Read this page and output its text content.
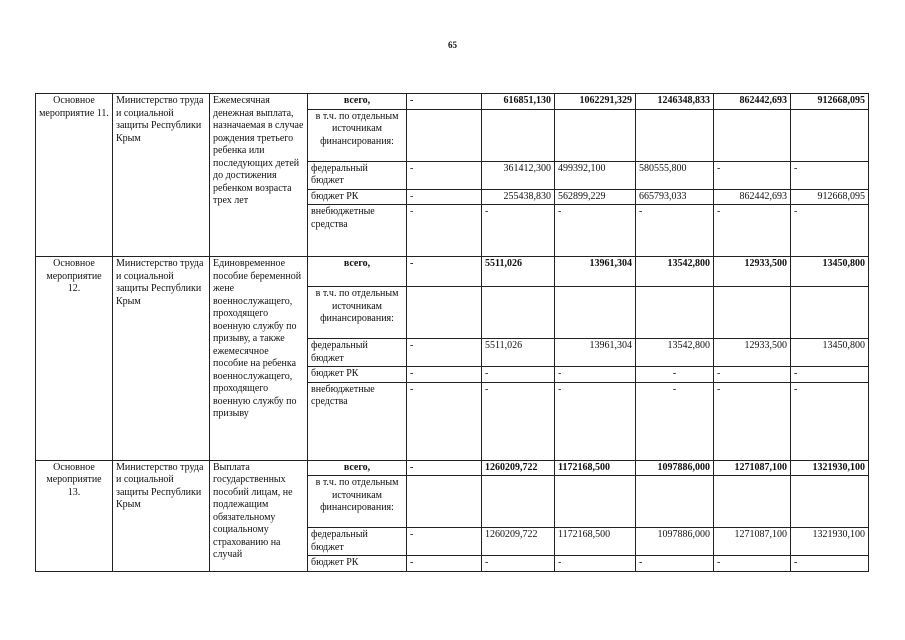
65
Основное мероприятие 11.	Министерство труда и социальной защиты Республики Крым	Ежемесячная денежная выплата, назначаемая в случае рождения третьего ребенка или последующих детей до достижения ребенком возраста трех лет	всего,	-	616851,130	1062291,329	1246348,833	862442,693	912668,095
			в т.ч. по отдельным источникам финансирования:						
			федеральный бюджет	-	361412,300	499392,100	580555,800	-	-
			бюджет РК	-	255438,830	562899,229	665793,033	862442,693	912668,095
			внебюджетные средства	-	-	-	-	-	-
Основное мероприятие 12.	Министерство труда и социальной защиты Республики Крым	Единовременное пособие беременной жене военнослужащего, проходящего военную службу по призыву, а также ежемесячное пособие на ребенка военнослужащего, проходящего военную службу по призыву	всего,	-	5511,026	13961,304	13542,800	12933,500	13450,800
			в т.ч. по отдельным источникам финансирования:						
			федеральный бюджет	-	5511,026	13961,304	13542,800	12933,500	13450,800
			бюджет РК	-	-	-	-	-	-
			внебюджетные средства	-	-	-	-	-	-
Основное мероприятие 13.	Министерство труда и социальной защиты Республики Крым	Выплата государственных пособий лицам, не подлежащим обязательному социальному страхованию на случай	всего,	-	1260209,722	1172168,500	1097886,000	1271087,100	1321930,100
			в т.ч. по отдельным источникам финансирования:						
			федеральный бюджет	-	1260209,722	1172168,500	1097886,000	1271087,100	1321930,100
			бюджет РК	-	-	-	-	-	-
